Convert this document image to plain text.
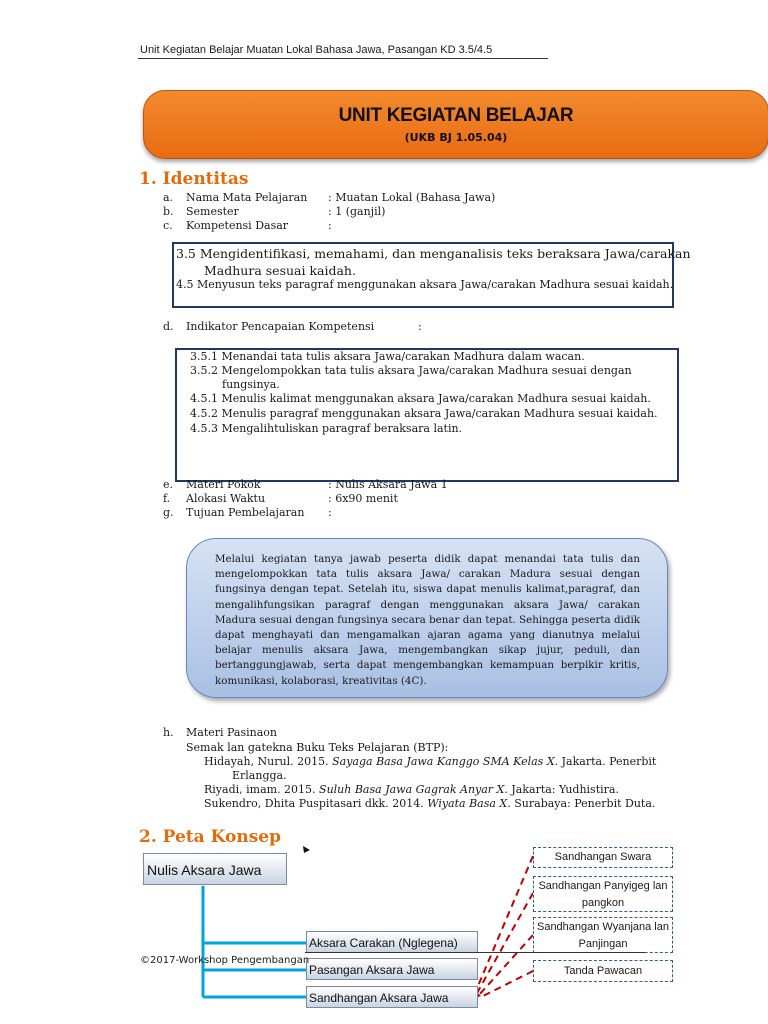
Unit Kegiatan Belajar Muatan Lokal Bahasa Jawa, Pasangan KD 3.5/4.5
UNIT KEGIATAN BELAJAR
(UKB BJ 1.05.04)
1. Identitas
a. Nama Mata Pelajaran : Muatan Lokal (Bahasa Jawa)
b. Semester	: 1 (ganjil)
c. Kompetensi Dasar	:
3.5 Mengidentifikasi, memahami, dan menganalisis teks beraksara Jawa/carakan
Madhura sesuai kaidah.
4.5 Menyusun teks paragraf menggunakan aksara Jawa/carakan Madhura sesuai kaidah.
d. Indikator Pencapaian Kompetensi	:
3.5.1 Menandai tata tulis aksara Jawa/carakan Madhura dalam wacan.
3.5.2 Mengelompokkan tata tulis aksara Jawa/carakan Madhura sesuai dengan
fungsinya.
4.5.1 Menulis kalimat menggunakan aksara Jawa/carakan Madhura sesuai kaidah.
4.5.2 Menulis paragraf menggunakan aksara Jawa/carakan Madhura sesuai kaidah.
4.5.3 Mengalihtuliskan paragraf beraksara latin.
e. Materi Pokok	: Nulis Aksara Jawa 1
f. Alokasi Waktu	: 6x90 menit
g. Tujuan Pembelajaran :
Melalui kegiatan tanya jawab peserta didik dapat menandai tata tulis dan mengelompokkan tata tulis aksara Jawa/ carakan Madura sesuai dengan fungsinya dengan tepat. Setelah itu, siswa dapat menulis kalimat,paragraf, dan mengalihfungsikan paragraf dengan menggunakan aksara Jawa/ carakan Madura sesuai dengan fungsinya secara benar dan tepat. Sehingga peserta didik dapat menghayati dan mengamalkan ajaran agama yang dianutnya melalui belajar menulis aksara Jawa, mengembangkan sikap jujur, peduli, dan bertanggungjawab, serta dapat mengembangkan kemampuan berpikir kritis, komunikasi, kolaborasi, kreativitas (4C).
h. Materi Pasinaon
Semak lan gatekna Buku Teks Pelajaran (BTP):
Hidayah, Nurul. 2015. Sayaga Basa Jawa Kanggo SMA Kelas X. Jakarta. Penerbit
Erlangga.
Riyadi, imam. 2015. Suluh Basa Jawa Gagrak Anyar X. Jakarta: Yudhistira.
Sukendro, Dhita Puspitasari dkk. 2014. Wiyata Basa X. Surabaya: Penerbit Duta.
2. Peta Konsep
Nulis Aksara Jawa
Aksara Carakan (Nglegena)
Pasangan Aksara Jawa
Sandhangan Aksara Jawa
Sandhangan Swara
Sandhangan Panyigeg lan pangkon
Sandhangan Wyanjana lan Panjingan
Tanda Pawacan
©2017-Workshop Pengembangan
